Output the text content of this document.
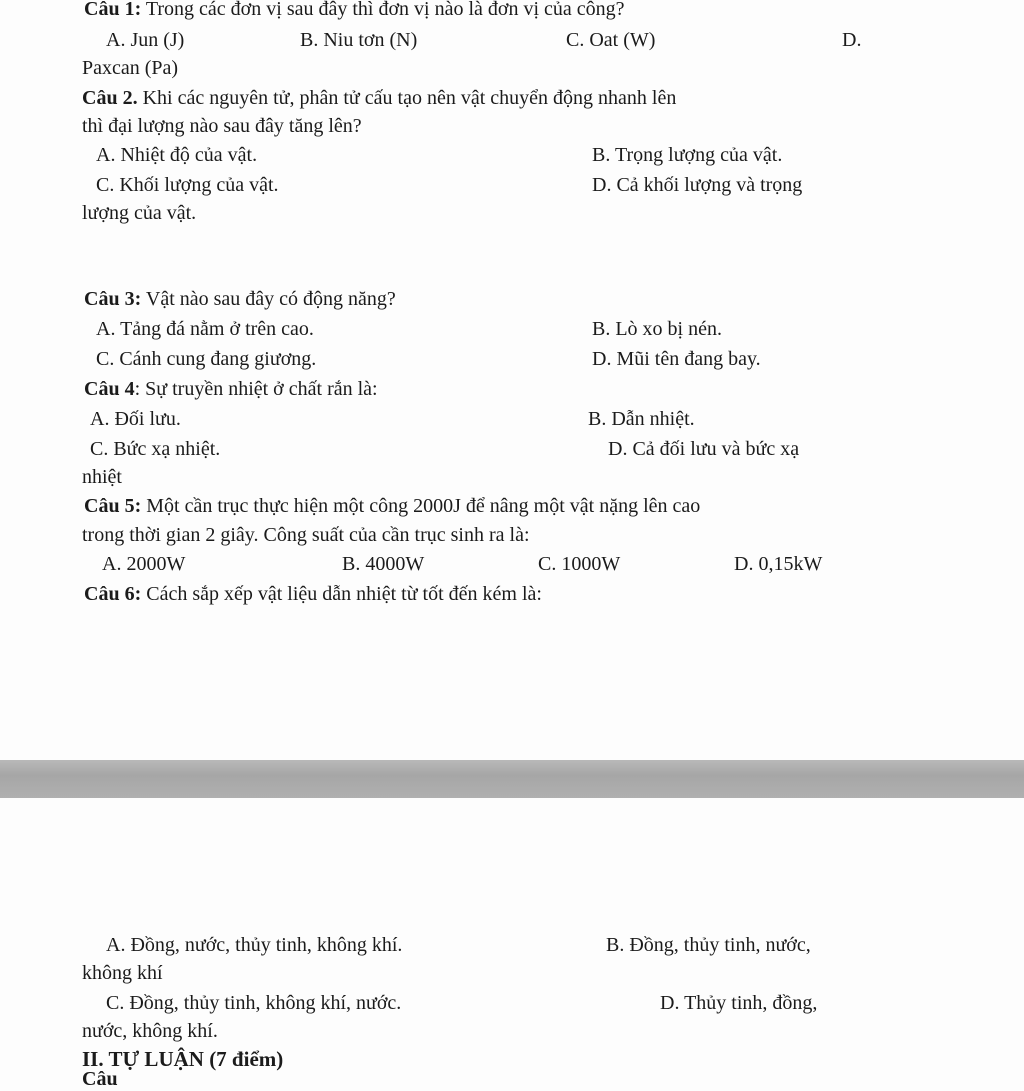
Câu 1: Trong các đơn vị sau đây thì đơn vị nào là đơn vị của công?
A. Jun (J)	B. Niu tơn (N)	C. Oat (W)	D.
Paxcan (Pa)
Câu 2. Khi các nguyên tử, phân tử cấu tạo nên vật chuyển động nhanh lên
thì đại lượng nào sau đây tăng lên?
A. Nhiệt độ của vật.	B. Trọng lượng của vật.
C. Khối lượng của vật.	D. Cả khối lượng và trọng
lượng của vật.
Câu 3: Vật nào sau đây có động năng?
A. Tảng đá nằm ở trên cao.	B. Lò xo bị nén.
C. Cánh cung đang giương.	D. Mũi tên đang bay.
Câu 4: Sự truyền nhiệt ở chất rắn là:
A. Đối lưu.	B. Dẫn nhiệt.
C. Bức xạ nhiệt.	D. Cả đối lưu và bức xạ
nhiệt
Câu 5: Một cần trục thực hiện một công 2000J để nâng một vật nặng lên cao
trong thời gian 2 giây. Công suất của cần trục sinh ra là:
A. 2000W	B. 4000W	C. 1000W	D. 0,15kW
Câu 6: Cách sắp xếp vật liệu dẫn nhiệt từ tốt đến kém là:
A. Đồng, nước, thủy tinh, không khí.	B. Đồng, thủy tinh, nước,
không khí
C. Đồng, thủy tinh, không khí, nước.	D. Thủy tinh, đồng,
nước, không khí.
II. TỰ LUẬN (7 điểm)
Câu
